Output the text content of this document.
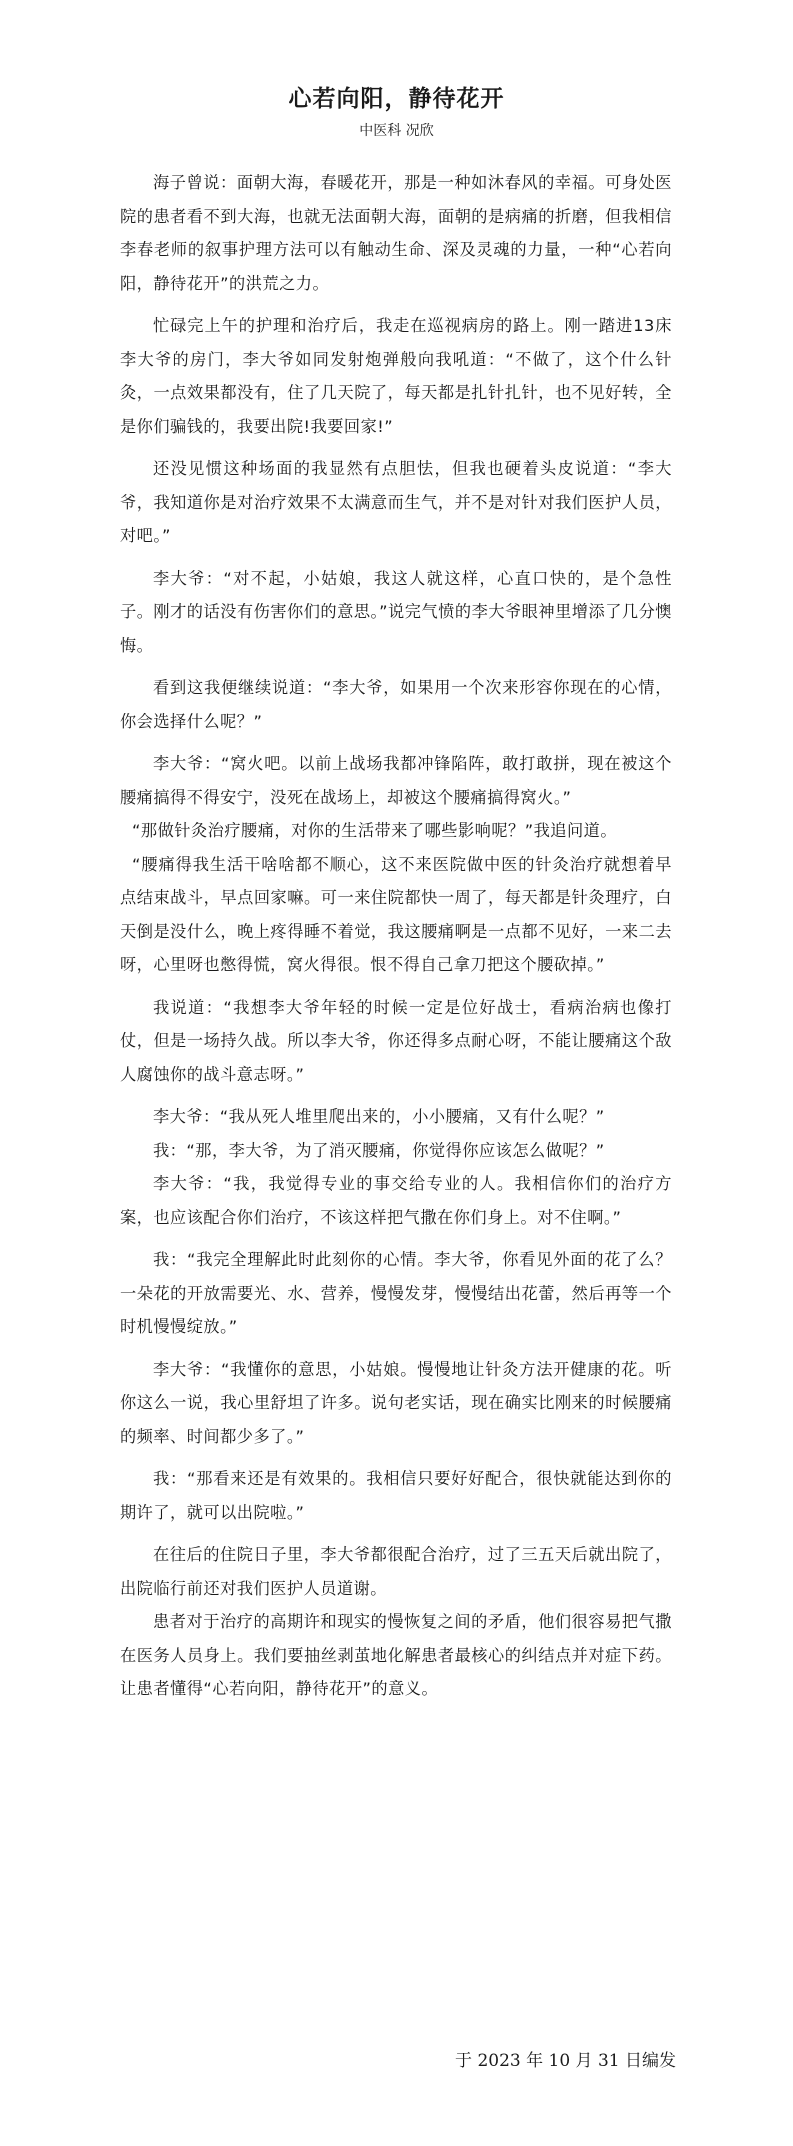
心若向阳，静待花开
中医科 况欣

海子曾说：面朝大海，春暖花开，那是一种如沐春风的幸福。可身处医院的患者看不到大海，也就无法面朝大海，面朝的是病痛的折磨，但我相信李春老师的叙事护理方法可以有触动生命、深及灵魂的力量，一种“心若向阳，静待花开”的洪荒之力。

忙碌完上午的护理和治疗后，我走在巡视病房的路上。刚一踏进13床李大爷的房门，李大爷如同发射炮弹般向我吼道：“不做了，这个什么针灸，一点效果都没有，住了几天院了，每天都是扎针扎针，也不见好转，全是你们骗钱的，我要出院!我要回家!”

还没见惯这种场面的我显然有点胆怯，但我也硬着头皮说道：“李大爷，我知道你是对治疗效果不太满意而生气，并不是对针对我们医护人员，对吧。”

李大爷：“对不起，小姑娘，我这人就这样，心直口快的，是个急性子。刚才的话没有伤害你们的意思。”说完气愤的李大爷眼神里增添了几分懊悔。

看到这我便继续说道：“李大爷，如果用一个次来形容你现在的心情，你会选择什么呢？”

李大爷：“窝火吧。以前上战场我都冲锋陷阵，敢打敢拼，现在被这个腰痛搞得不得安宁，没死在战场上，却被这个腰痛搞得窝火。”

“那做针灸治疗腰痛，对你的生活带来了哪些影响呢？”我追问道。

“腰痛得我生活干啥啥都不顺心，这不来医院做中医的针灸治疗就想着早点结束战斗，早点回家嘛。可一来住院都快一周了，每天都是针灸理疗，白天倒是没什么，晚上疼得睡不着觉，我这腰痛啊是一点都不见好，一来二去呀，心里呀也憋得慌，窝火得很。恨不得自己拿刀把这个腰砍掉。”

我说道：“我想李大爷年轻的时候一定是位好战士，看病治病也像打仗，但是一场持久战。所以李大爷，你还得多点耐心呀，不能让腰痛这个敌人腐蚀你的战斗意志呀。”

李大爷：“我从死人堆里爬出来的，小小腰痛，又有什么呢？”

我：“那，李大爷，为了消灭腰痛，你觉得你应该怎么做呢？”

李大爷：“我，我觉得专业的事交给专业的人。我相信你们的治疗方案，也应该配合你们治疗，不该这样把气撒在你们身上。对不住啊。”

我：“我完全理解此时此刻你的心情。李大爷，你看见外面的花了么？一朵花的开放需要光、水、营养，慢慢发芽，慢慢结出花蕾，然后再等一个时机慢慢绽放。”

李大爷：“我懂你的意思，小姑娘。慢慢地让针灸方法开健康的花。听你这么一说，我心里舒坦了许多。说句老实话，现在确实比刚来的时候腰痛的频率、时间都少多了。”

我：“那看来还是有效果的。我相信只要好好配合，很快就能达到你的期许了，就可以出院啦。”

在往后的住院日子里，李大爷都很配合治疗，过了三五天后就出院了，出院临行前还对我们医护人员道谢。

患者对于治疗的高期许和现实的慢恢复之间的矛盾，他们很容易把气撒在医务人员身上。我们要抽丝剥茧地化解患者最核心的纠结点并对症下药。让患者懂得“心若向阳，静待花开”的意义。

于 2023 年 10 月 31 日编发
